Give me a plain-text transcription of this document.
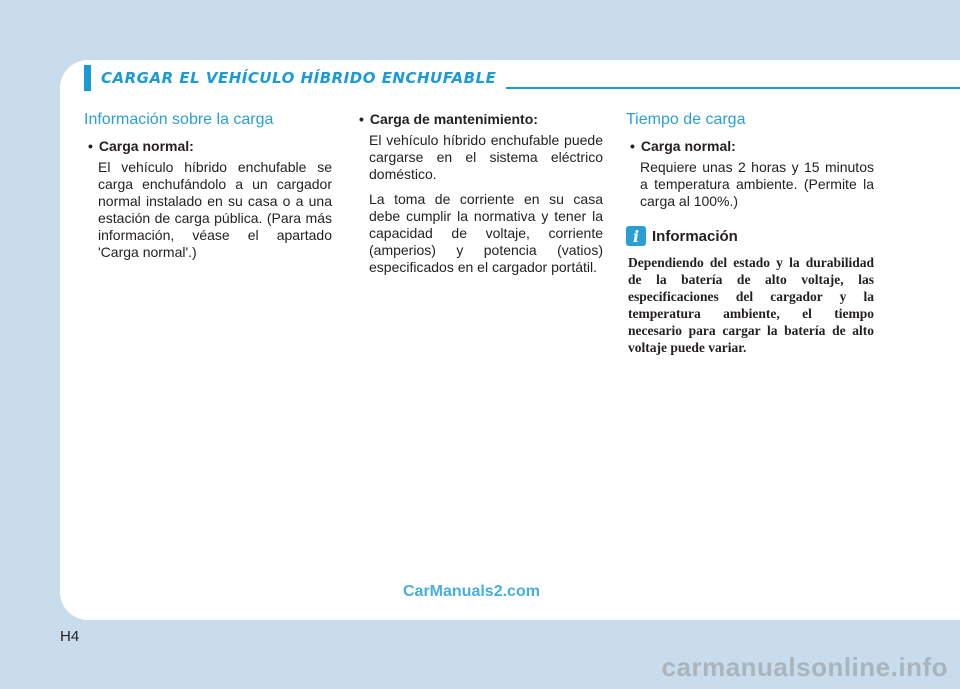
CARGAR EL VEHÍCULO HÍBRIDO ENCHUFABLE
Información sobre la carga
• Carga normal:

El vehículo híbrido enchufable se carga enchufándolo a un cargador normal instalado en su casa o a una estación de carga pública. (Para más información, véase el apartado 'Carga normal'.)

• Carga de mantenimiento:

El vehículo híbrido enchufable puede cargarse en el sistema eléctrico doméstico.

La toma de corriente en su casa debe cumplir la normativa y tener la capacidad de voltaje, corriente (amperios) y potencia (vatios) especificados en el cargador portátil.

Tiempo de carga
• Carga normal:

Requiere unas 2 horas y 15 minutos a temperatura ambiente. (Permite la carga al 100%.)

i Información

Dependiendo del estado y la durabilidad de la batería de alto voltaje, las especificaciones del cargador y la temperatura ambiente, el tiempo necesario para cargar la batería de alto voltaje puede variar.

CarManuals2.com
H4
carmanualsonline.info
